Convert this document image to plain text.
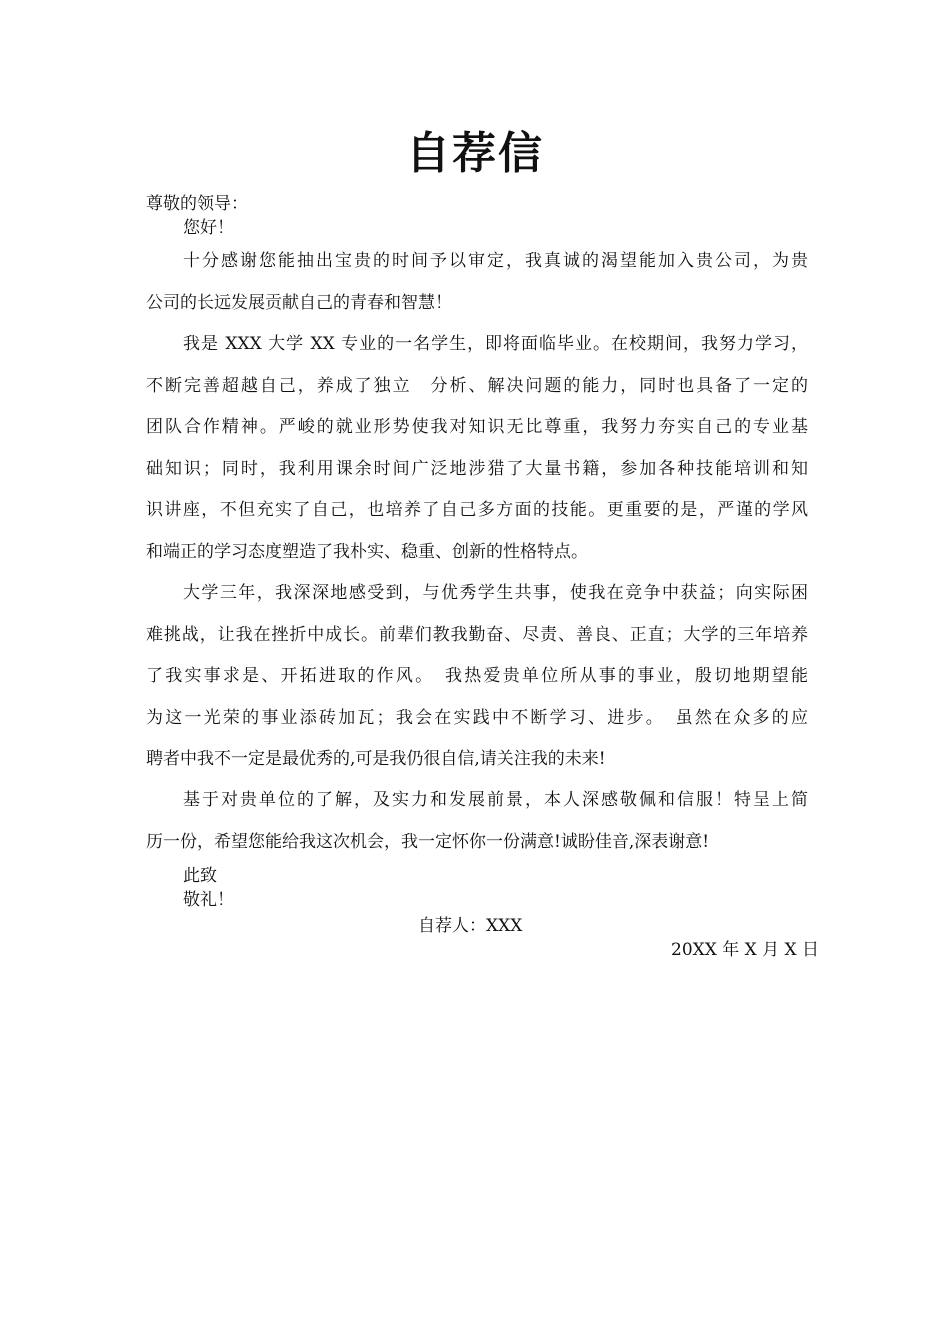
自荐信
尊敬的领导：
您好！
十分感谢您能抽出宝贵的时间予以审定，我真诚的渴望能加入贵公司，为贵
公司的长远发展贡献自己的青春和智慧！
我是 XXX 大学 XX 专业的一名学生，即将面临毕业。在校期间，我努力学习，
不断完善超越自己，养成了独立　分析、解决问题的能力，同时也具备了一定的
团队合作精神。严峻的就业形势使我对知识无比尊重，我努力夯实自己的专业基
础知识；同时，我利用课余时间广泛地涉猎了大量书籍，参加各种技能培训和知
识讲座，不但充实了自己，也培养了自己多方面的技能。更重要的是，严谨的学风
和端正的学习态度塑造了我朴实、稳重、创新的性格特点。
大学三年，我深深地感受到，与优秀学生共事，使我在竞争中获益；向实际困
难挑战，让我在挫折中成长。前辈们教我勤奋、尽责、善良、正直；大学的三年培养
了我实事求是、开拓进取的作风。　我热爱贵单位所从事的事业，殷切地期望能
为这一光荣的事业添砖加瓦；我会在实践中不断学习、进步。　虽然在众多的应
聘者中我不一定是最优秀的,可是我仍很自信,请关注我的未来!
基于对贵单位的了解，及实力和发展前景，本人深感敬佩和信服！特呈上简
历一份，希望您能给我这次机会，我一定怀你一份满意!诚盼佳音,深表谢意!
此致
敬礼！
自荐人：XXX
20XX 年 X 月 X 日
